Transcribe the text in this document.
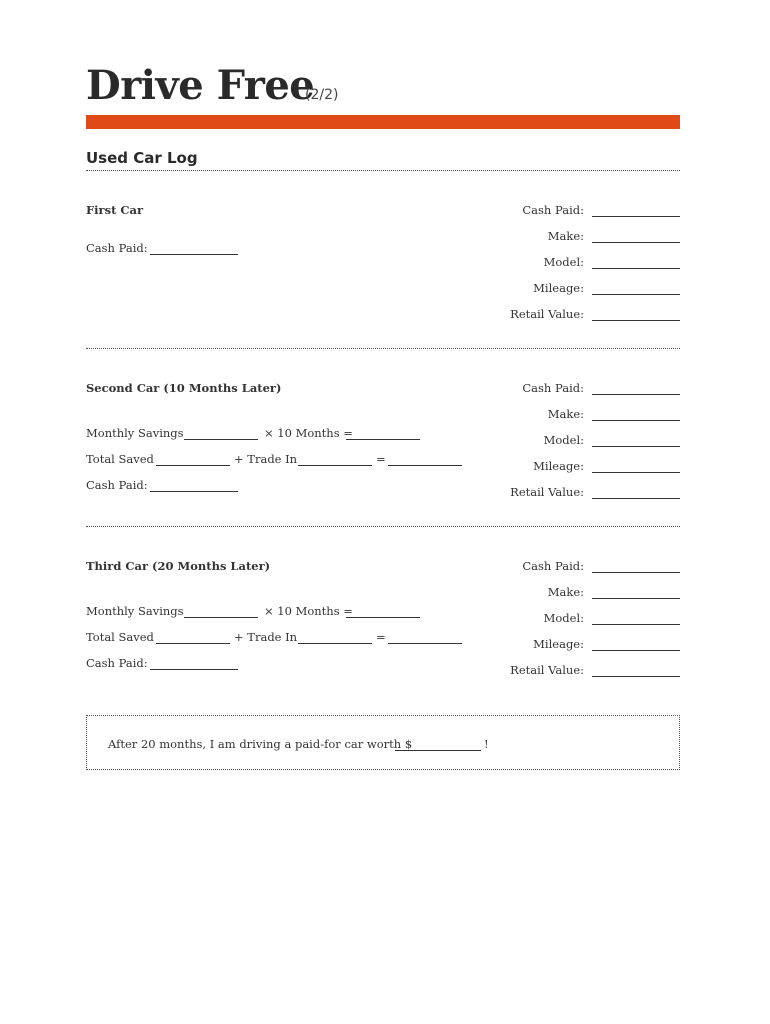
Drive Free
(2/2)
Used Car Log
First Car
Cash Paid:
Cash Paid:
Make:
Model:
Mileage:
Retail Value:
Second Car (10 Months Later)
Monthly Savings	× 10 Months =
Total Saved	+ Trade In	=
Cash Paid:
Cash Paid:
Make:
Model:
Mileage:
Retail Value:
Third Car (20 Months Later)
Monthly Savings	× 10 Months =
Total Saved	+ Trade In	=
Cash Paid:
Cash Paid:
Make:
Model:
Mileage:
Retail Value:
After 20 months, I am driving a paid-for car worth $	!
